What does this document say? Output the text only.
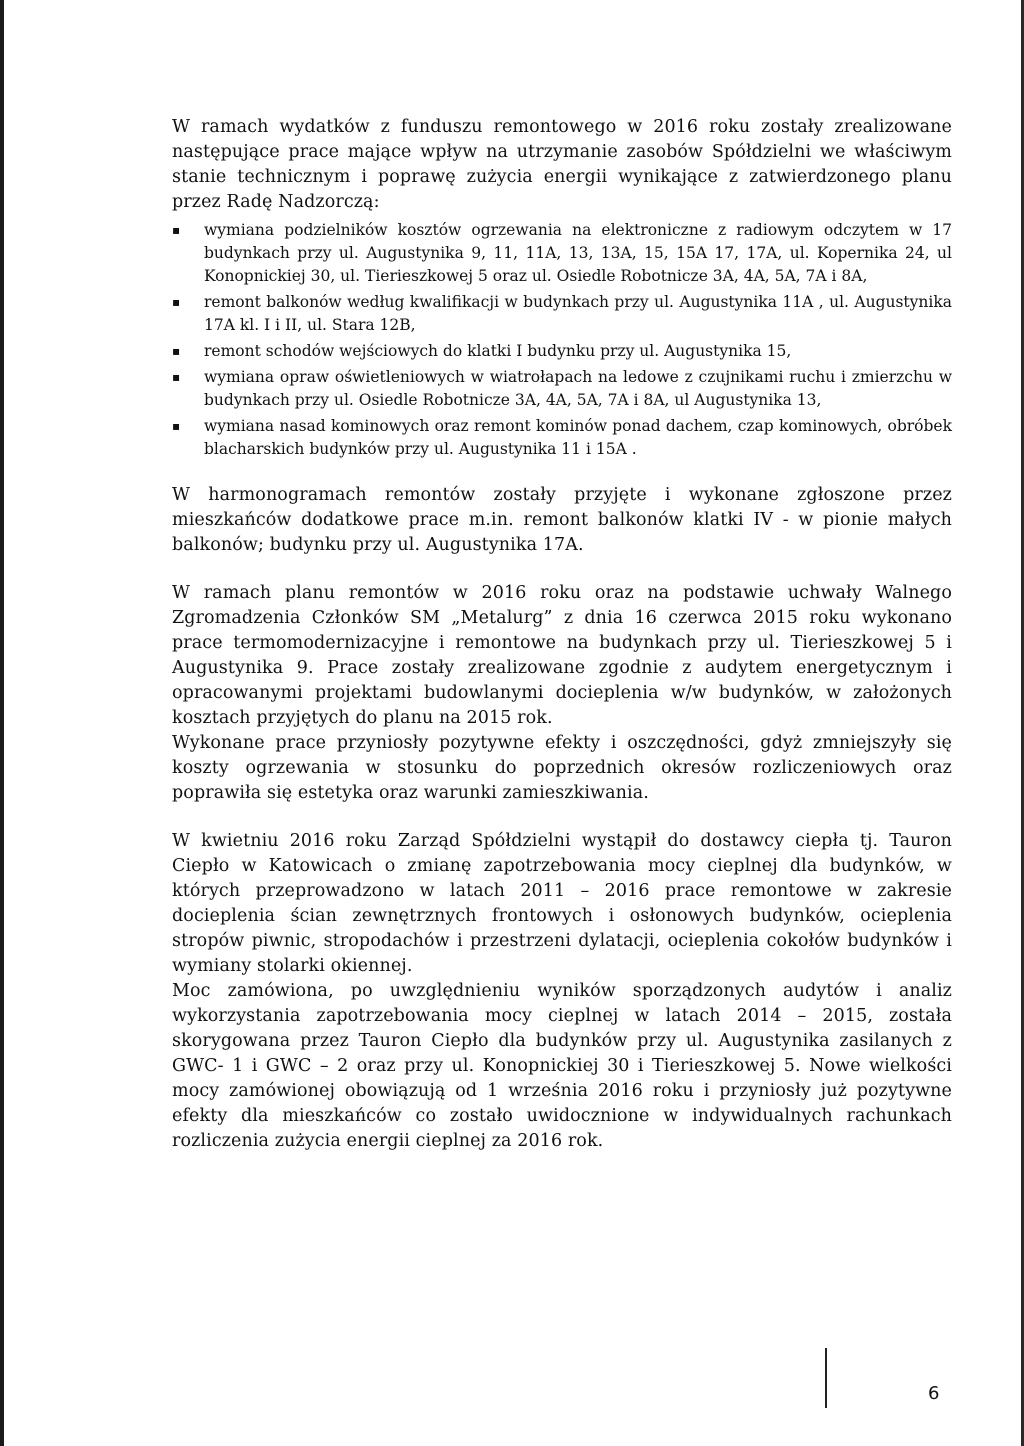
W ramach wydatków z funduszu remontowego w 2016 roku zostały zrealizowane następujące prace mające wpływ na utrzymanie zasobów Spółdzielni we właściwym stanie technicznym i poprawę zużycia energii wynikające z zatwierdzonego planu przez Radę Nadzorczą:

▪ wymiana podzielników kosztów ogrzewania na elektroniczne z radiowym odczytem w 17 budynkach przy ul. Augustynika 9, 11, 11A, 13, 13A, 15, 15A 17, 17A, ul. Kopernika 24, ul Konopnickiej 30, ul. Tierieszkowej 5 oraz ul. Osiedle Robotnicze 3A, 4A, 5A, 7A i 8A,
▪ remont balkonów według kwalifikacji w budynkach przy ul. Augustynika 11A , ul. Augustynika 17A kl. I i II, ul. Stara 12B,
▪ remont schodów wejściowych do klatki I budynku przy ul. Augustynika 15,
▪ wymiana opraw oświetleniowych w wiatrołapach na ledowe z czujnikami ruchu i zmierzchu w budynkach przy ul. Osiedle Robotnicze 3A, 4A, 5A, 7A i 8A, ul Augustynika 13,
▪ wymiana nasad kominowych oraz remont kominów ponad dachem, czap kominowych, obróbek blacharskich budynków przy ul. Augustynika 11 i 15A .

W harmonogramach remontów zostały przyjęte i wykonane zgłoszone przez mieszkańców dodatkowe prace m.in. remont balkonów klatki IV - w pionie małych balkonów; budynku przy ul. Augustynika 17A.

W ramach planu remontów w 2016 roku oraz na podstawie uchwały Walnego Zgromadzenia Członków SM „Metalurg” z dnia 16 czerwca 2015 roku wykonano prace termomodernizacyjne i remontowe na budynkach przy ul. Tierieszkowej 5 i Augustynika 9. Prace zostały zrealizowane zgodnie z audytem energetycznym i opracowanymi projektami budowlanymi docieplenia w/w budynków, w założonych kosztach przyjętych do planu na 2015 rok.

Wykonane prace przyniosły pozytywne efekty i oszczędności, gdyż zmniejszyły się koszty ogrzewania w stosunku do poprzednich okresów rozliczeniowych oraz poprawiła się estetyka oraz warunki zamieszkiwania.

W kwietniu 2016 roku Zarząd Spółdzielni wystąpił do dostawcy ciepła tj. Tauron Ciepło w Katowicach o zmianę zapotrzebowania mocy cieplnej dla budynków, w których przeprowadzono w latach 2011 – 2016 prace remontowe w zakresie docieplenia ścian zewnętrznych frontowych i osłonowych budynków, ocieplenia stropów piwnic, stropodachów i przestrzeni dylatacji, ocieplenia cokołów budynków i wymiany stolarki okiennej.

Moc zamówiona, po uwzględnieniu wyników sporządzonych audytów i analiz wykorzystania zapotrzebowania mocy cieplnej w latach 2014 – 2015, została skorygowana przez Tauron Ciepło dla budynków przy ul. Augustynika zasilanych z GWC- 1 i GWC – 2 oraz przy ul. Konopnickiej 30 i Tierieszkowej 5. Nowe wielkości mocy zamówionej obowiązują od 1 września 2016 roku i przyniosły już pozytywne efekty dla mieszkańców co zostało uwidocznione w indywidualnych rachunkach rozliczenia zużycia energii cieplnej za 2016 rok.

6
